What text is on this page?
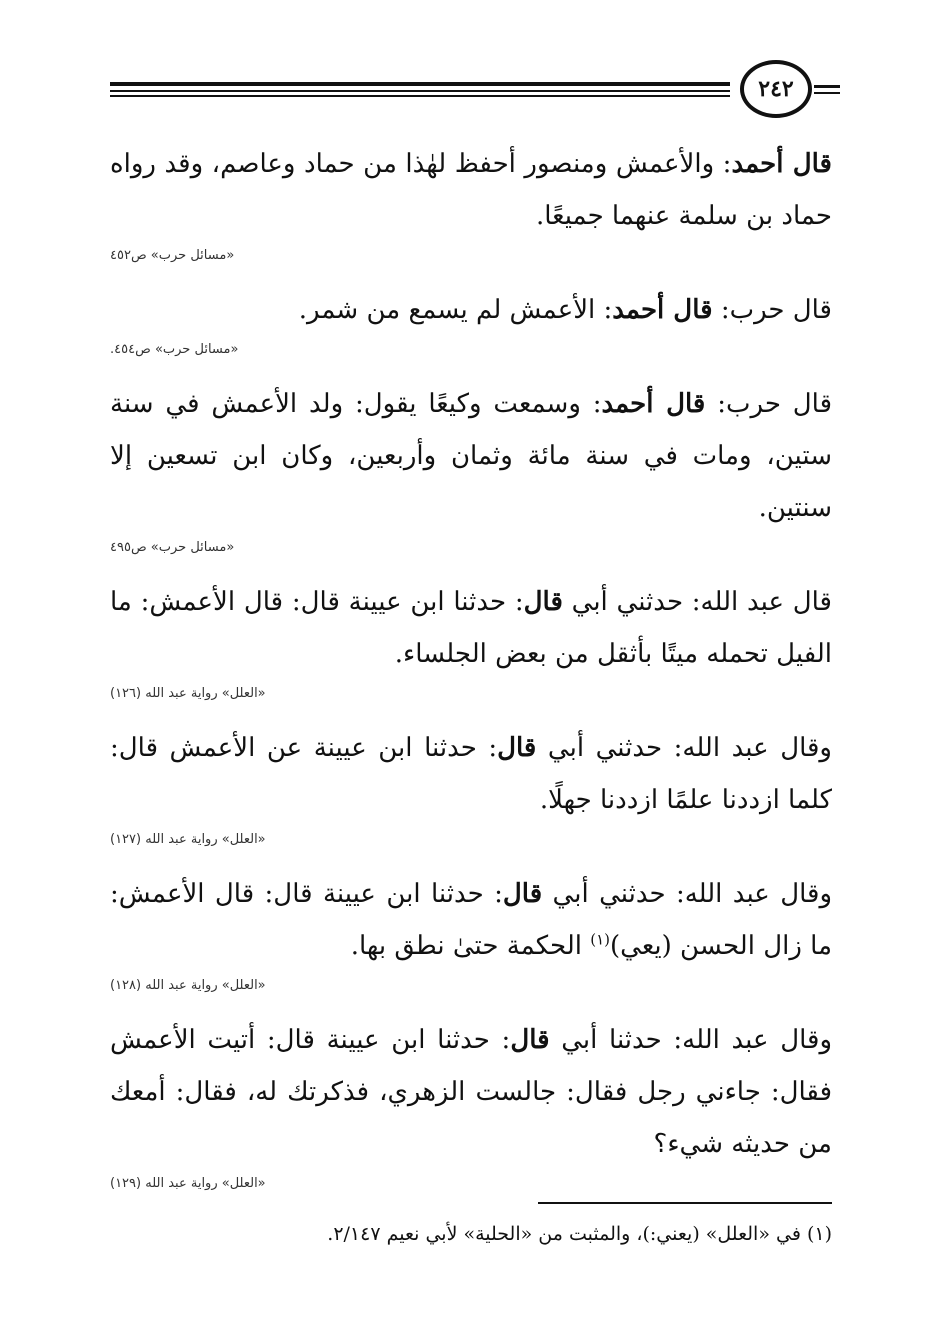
٢٤٢

قال أحمد: والأعمش ومنصور أحفظ لهٰذا من حماد وعاصم، وقد رواه حماد بن سلمة عنهما جميعًا.

«مسائل حرب» ص٤٥٢

قال حرب: قال أحمد: الأعمش لم يسمع من شمر.

«مسائل حرب» ص٤٥٤.

قال حرب: قال أحمد: وسمعت وكيعًا يقول: ولد الأعمش في سنة ستين، ومات في سنة مائة وثمان وأربعين، وكان ابن تسعين إلا سنتين.

«مسائل حرب» ص٤٩٥

قال عبد الله: حدثني أبي قال: حدثنا ابن عيينة قال: قال الأعمش: ما الفيل تحمله ميتًا بأثقل من بعض الجلساء.

«العلل» رواية عبد الله (١٢٦)

وقال عبد الله: حدثني أبي قال: حدثنا ابن عيينة عن الأعمش قال: كلما ازددنا علمًا ازددنا جهلًا.

«العلل» رواية عبد الله (١٢٧)

وقال عبد الله: حدثني أبي قال: حدثنا ابن عيينة قال: قال الأعمش: ما زال الحسن (يعي)$^{(١)}$ الحكمة حتىٰ نطق بها.

«العلل» رواية عبد الله (١٢٨)

وقال عبد الله: حدثنا أبي قال: حدثنا ابن عيينة قال: أتيت الأعمش فقال: جاءني رجل فقال: جالست الزهري، فذكرتك له، فقال: أمعك من حديثه شيء؟

«العلل» رواية عبد الله (١٢٩)
(١) في «العلل» (يعني:)، والمثبت من «الحلية» لأبي نعيم ٢/١٤٧.
